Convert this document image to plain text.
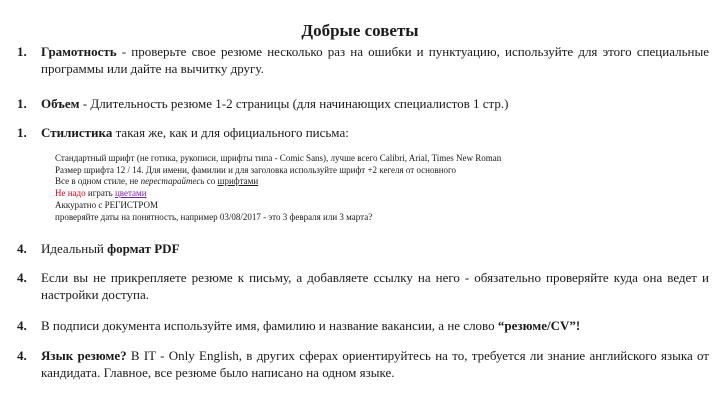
Добрые советы
1. Грамотность - проверьте свое резюме несколько раз на ошибки и пунктуацию, используйте для этого специальные программы или дайте на вычитку другу.
1. Объем - Длительность резюме 1-2 страницы (для начинающих специалистов 1 стр.)
1. Стилистика такая же, как и для официального письма:
Стандартный шрифт (не готика, рукописи, шрифты типа - Comic Sans), лучше всего Calibri, Arial, Times New Roman
Размер шрифта 12 / 14. Для имени, фамилии и для заголовка используйте шрифт +2 кегеля от основного
Все в одном стиле, не перестарайтесь со шрифтами
Не надо играть цветами
Аккуратно с РЕГИСТРОМ
проверяйте даты на понятность, например 03/08/2017 - это 3 февраля или 3 марта?
4. Идеальный формат PDF
4. Если вы не прикрепляете резюме к письму, а добавляете ссылку на него - обязательно проверяйте куда она ведет и настройки доступа.
4. В подписи документа используйте имя, фамилию и название вакансии, а не слово “резюме/CV”!
4. Язык резюме? В IT - Only English, в других сферах ориентируйтесь на то, требуется ли знание английского языка от кандидата. Главное, все резюме было написано на одном языке.
